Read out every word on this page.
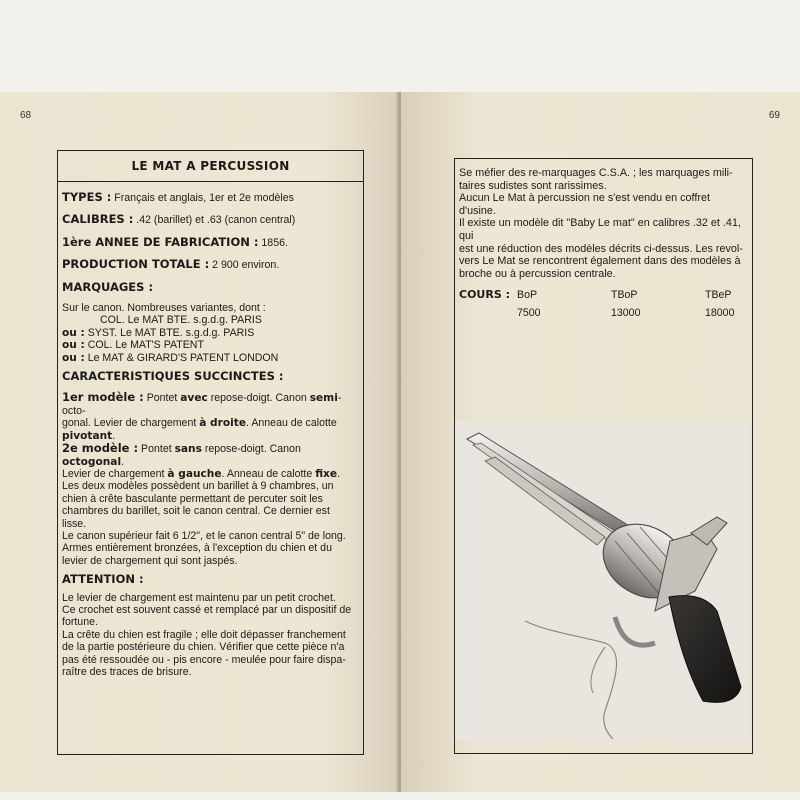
68
LE MAT A PERCUSSION

TYPES : Français et anglais, 1er et 2e modèles

CALIBRES : .42 (barillet) et .63 (canon central)

1ère ANNEE DE FABRICATION : 1856.

PRODUCTION TOTALE : 2 900 environ.

MARQUAGES :

Sur le canon. Nombreuses variantes, dont :

COL. Le MAT BTE. s.g.d.g. PARIS

ou : SYST. Le MAT BTE. s.g.d.g. PARIS

ou : COL. Le MAT'S PATENT

ou : Le MAT & GIRARD'S PATENT LONDON

CARACTERISTIQUES SUCCINCTES :

1er modèle : Pontet avec repose-doigt. Canon semi-octo-

gonal. Levier de chargement à droite. Anneau de calotte

pivotant.

2e modèle : Pontet sans repose-doigt. Canon octogonal.

Levier de chargement à gauche. Anneau de calotte fixe.

Les deux modèles possèdent un barillet à 9 chambres, un

chien à crête basculante permettant de percuter soit les

chambres du barillet, soit le canon central. Ce dernier est

lisse.

Le canon supérieur fait 6 1/2", et le canon central 5" de long.

Armes entièrement bronzées, à l'exception du chien et du

levier de chargement qui sont jaspés.

ATTENTION :

Le levier de chargement est maintenu par un petit crochet.

Ce crochet est souvent cassé et remplacé par un dispositif de

fortune.

La crête du chien est fragile ; elle doit dépasser franchement

de la partie postérieure du chien. Vérifier que cette pièce n'a

pas été ressoudée ou - pis encore - meulée pour faire dispa-

raître des traces de brisure.

69

Se méfier des re-marquages C.S.A. ; les marquages mili-

taires sudistes sont rarissimes.

Aucun Le Mat à percussion ne s'est vendu en coffret d'usine.

Il existe un modèle dit "Baby Le mat" en calibres .32 et .41, qui

est une réduction des modèles décrits ci-dessus. Les revol-

vers Le Mat se rencontrent également dans des modèles à

broche ou à percussion centrale.

COURS : BoP	TBoP	TBeP
7500	13000	18000
